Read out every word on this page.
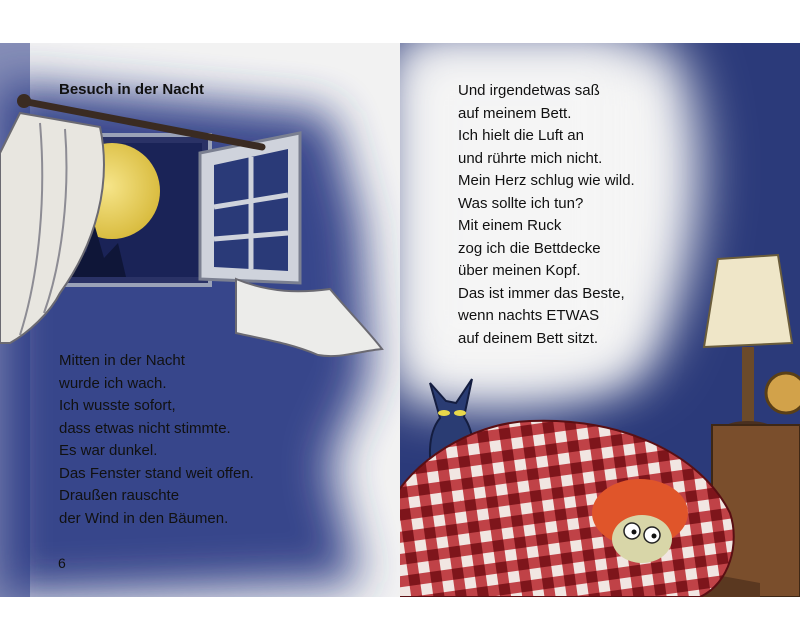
Besuch in der Nacht
Mitten in der Nacht
wurde ich wach.
Ich wusste sofort,
dass etwas nicht stimmte.
Es war dunkel.
Das Fenster stand weit offen.
Draußen rauschte
der Wind in den Bäumen.
6
Und irgendetwas saß
auf meinem Bett.
Ich hielt die Luft an
und rührte mich nicht.
Mein Herz schlug wie wild.
Was sollte ich tun?
Mit einem Ruck
zog ich die Bettdecke
über meinen Kopf.
Das ist immer das Beste,
wenn nachts ETWAS
auf deinem Bett sitzt.
